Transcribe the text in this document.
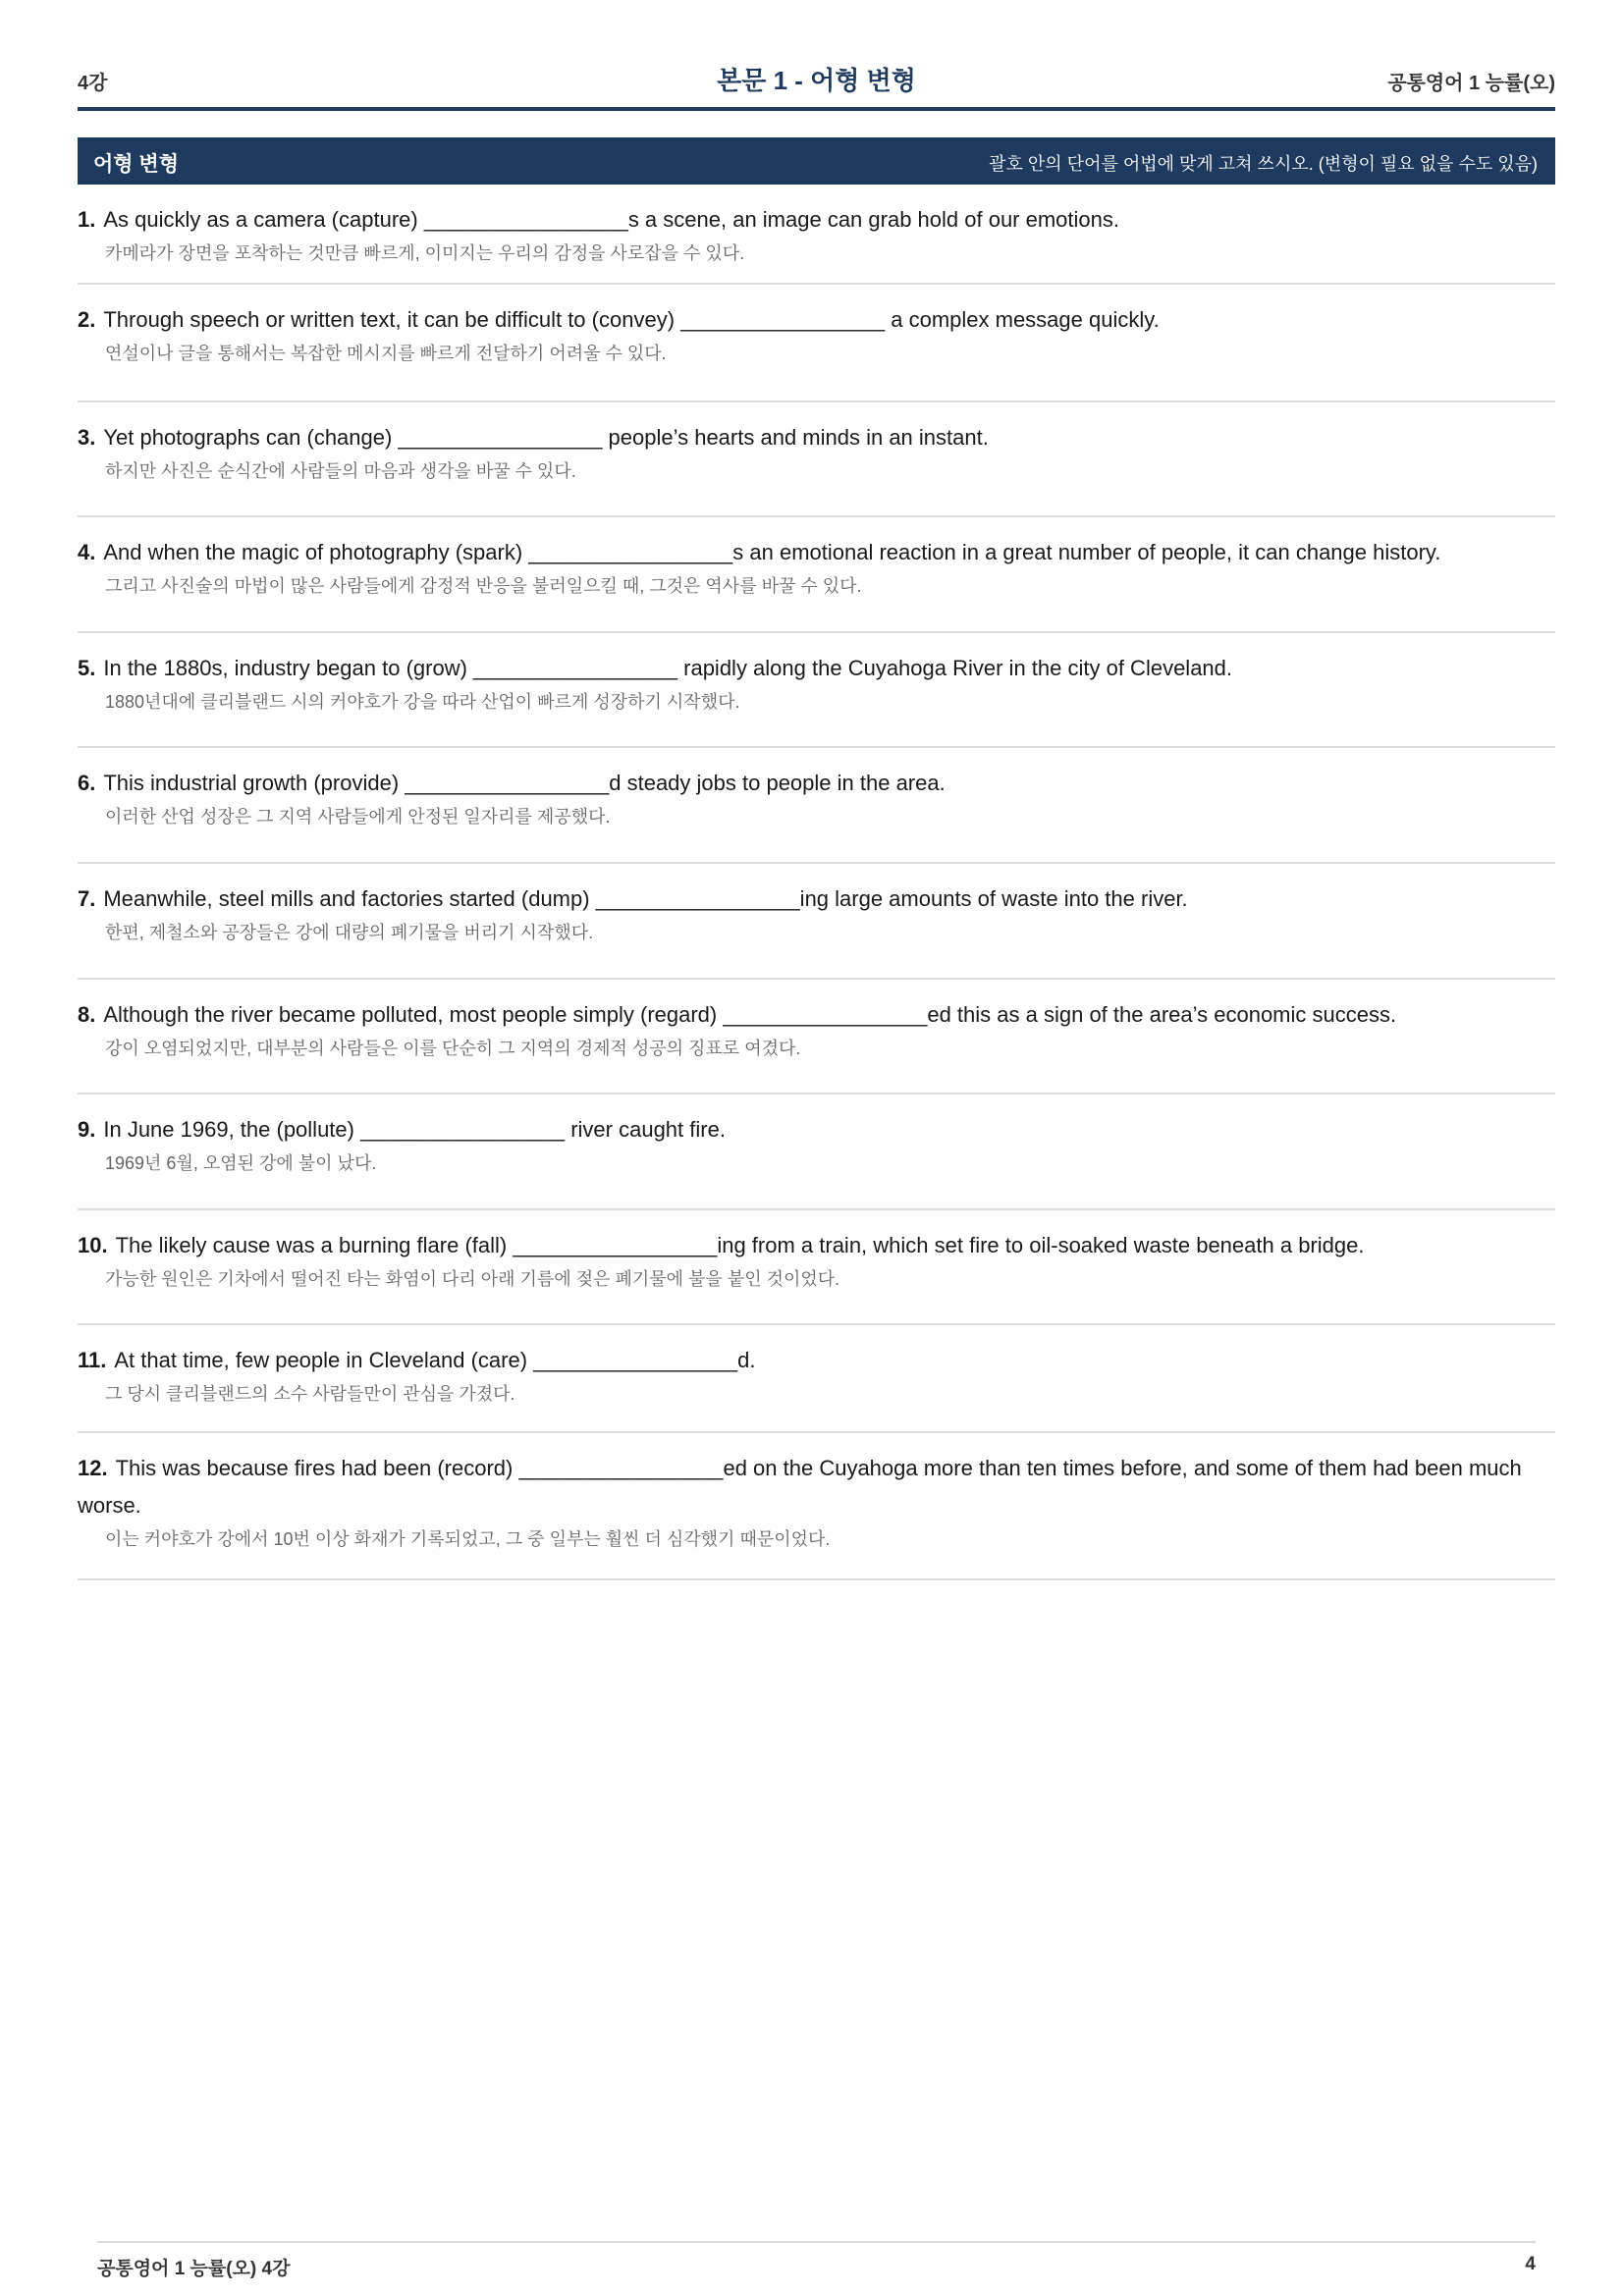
4강	본문 1 - 어형 변형	공통영어 1 능률(오)
어형 변형	괄호 안의 단어를 어법에 맞게 고쳐 쓰시오. (변형이 필요 없을 수도 있음)
1. As quickly as a camera (capture) _________________s a scene, an image can grab hold of our emotions.
카메라가 장면을 포착하는 것만큼 빠르게, 이미지는 우리의 감정을 사로잡을 수 있다.
2. Through speech or written text, it can be difficult to (convey) _________________ a complex message quickly.
연설이나 글을 통해서는 복잡한 메시지를 빠르게 전달하기 어려울 수 있다.
3. Yet photographs can (change) _________________ people’s hearts and minds in an instant.
하지만 사진은 순식간에 사람들의 마음과 생각을 바꿀 수 있다.
4. And when the magic of photography (spark) _________________s an emotional reaction in a great number of people, it can change history.
그리고 사진술의 마법이 많은 사람들에게 감정적 반응을 불러일으킬 때, 그것은 역사를 바꿀 수 있다.
5. In the 1880s, industry began to (grow) _________________ rapidly along the Cuyahoga River in the city of Cleveland.
1880년대에 클리블랜드 시의 커야호가 강을 따라 산업이 빠르게 성장하기 시작했다.
6. This industrial growth (provide) _________________d steady jobs to people in the area.
이러한 산업 성장은 그 지역 사람들에게 안정된 일자리를 제공했다.
7. Meanwhile, steel mills and factories started (dump) _________________ing large amounts of waste into the river.
한편, 제철소와 공장들은 강에 대량의 폐기물을 버리기 시작했다.
8. Although the river became polluted, most people simply (regard) _________________ed this as a sign of the area’s economic success.
강이 오염되었지만, 대부분의 사람들은 이를 단순히 그 지역의 경제적 성공의 징표로 여겼다.
9. In June 1969, the (pollute) _________________ river caught fire.
1969년 6월, 오염된 강에 불이 났다.
10. The likely cause was a burning flare (fall) _________________ing from a train, which set fire to oil-soaked waste beneath a bridge.
가능한 원인은 기차에서 떨어진 타는 화염이 다리 아래 기름에 젖은 폐기물에 불을 붙인 것이었다.
11. At that time, few people in Cleveland (care) _________________d.
그 당시 클리블랜드의 소수 사람들만이 관심을 가졌다.
12. This was because fires had been (record) _________________ed on the Cuyahoga more than ten times before, and some of them had been much worse.
이는 커야호가 강에서 10번 이상 화재가 기록되었고, 그 중 일부는 훨씬 더 심각했기 때문이었다.
공통영어 1 능률(오) 4강	4
